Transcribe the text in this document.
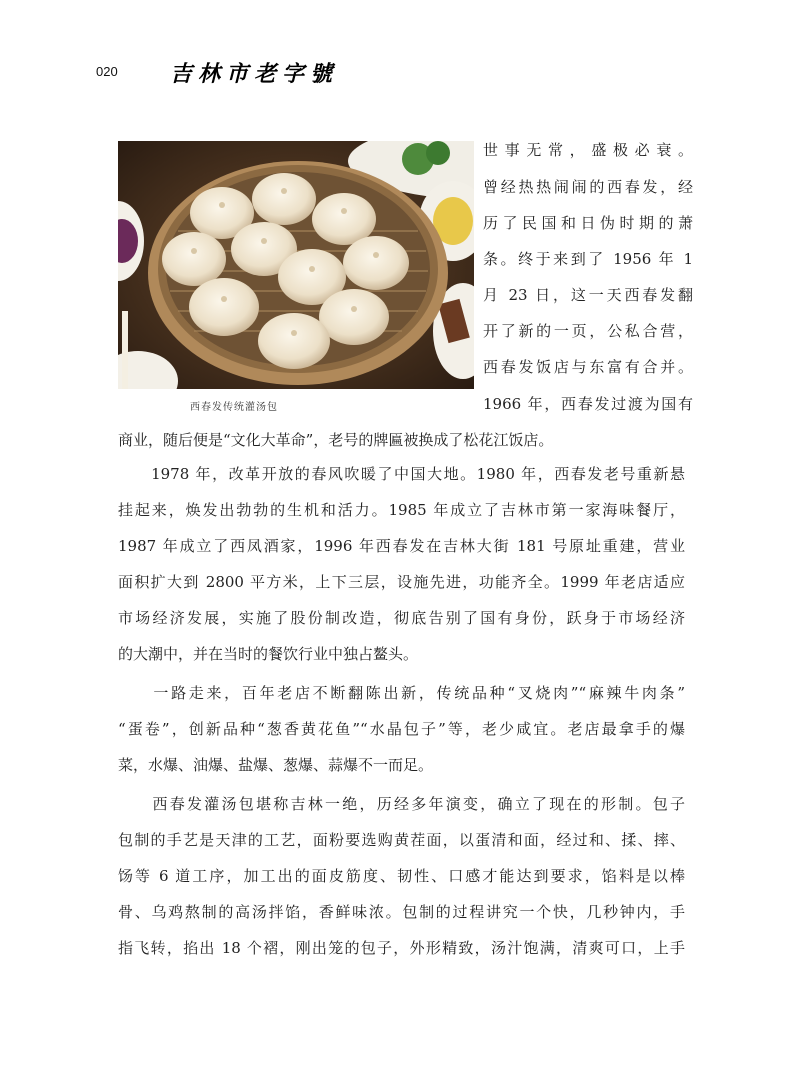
020 吉林市老字號
西春发传统灌汤包
世事无常，盛极必衰。
曾经热热闹闹的西春发，经
历了民国和日伪时期的萧
条。终于来到了 1956 年 1
月 23 日，这一天西春发翻
开了新的一页，公私合营，
西春发饭店与东富有合并。
1966 年，西春发过渡为国有
商业，随后便是“文化大革命”，老号的牌匾被换成了松花江饭店。
　　1978 年，改革开放的春风吹暖了中国大地。1980 年，西春发老号重新悬
挂起来，焕发出勃勃的生机和活力。1985 年成立了吉林市第一家海味餐厅，
1987 年成立了西凤酒家，1996 年西春发在吉林大街 181 号原址重建，营业
面积扩大到 2800 平方米，上下三层，设施先进，功能齐全。1999 年老店适应
市场经济发展，实施了股份制改造，彻底告别了国有身份，跃身于市场经济
的大潮中，并在当时的餐饮行业中独占鳌头。
　　一路走来，百年老店不断翻陈出新，传统品种“叉烧肉”“麻辣牛肉条”
“蛋卷”，创新品种“葱香黄花鱼”“水晶包子”等，老少咸宜。老店最拿手的爆
菜，水爆、油爆、盐爆、葱爆、蒜爆不一而足。
　　西春发灌汤包堪称吉林一绝，历经多年演变，确立了现在的形制。包子
包制的手艺是天津的工艺，面粉要选购黄茬面，以蛋清和面，经过和、揉、摔、
饧等 6 道工序，加工出的面皮筋度、韧性、口感才能达到要求，馅料是以棒
骨、乌鸡熬制的高汤拌馅，香鲜味浓。包制的过程讲究一个快，几秒钟内，手
指飞转，掐出 18 个褶，刚出笼的包子，外形精致，汤汁饱满，清爽可口，上手
